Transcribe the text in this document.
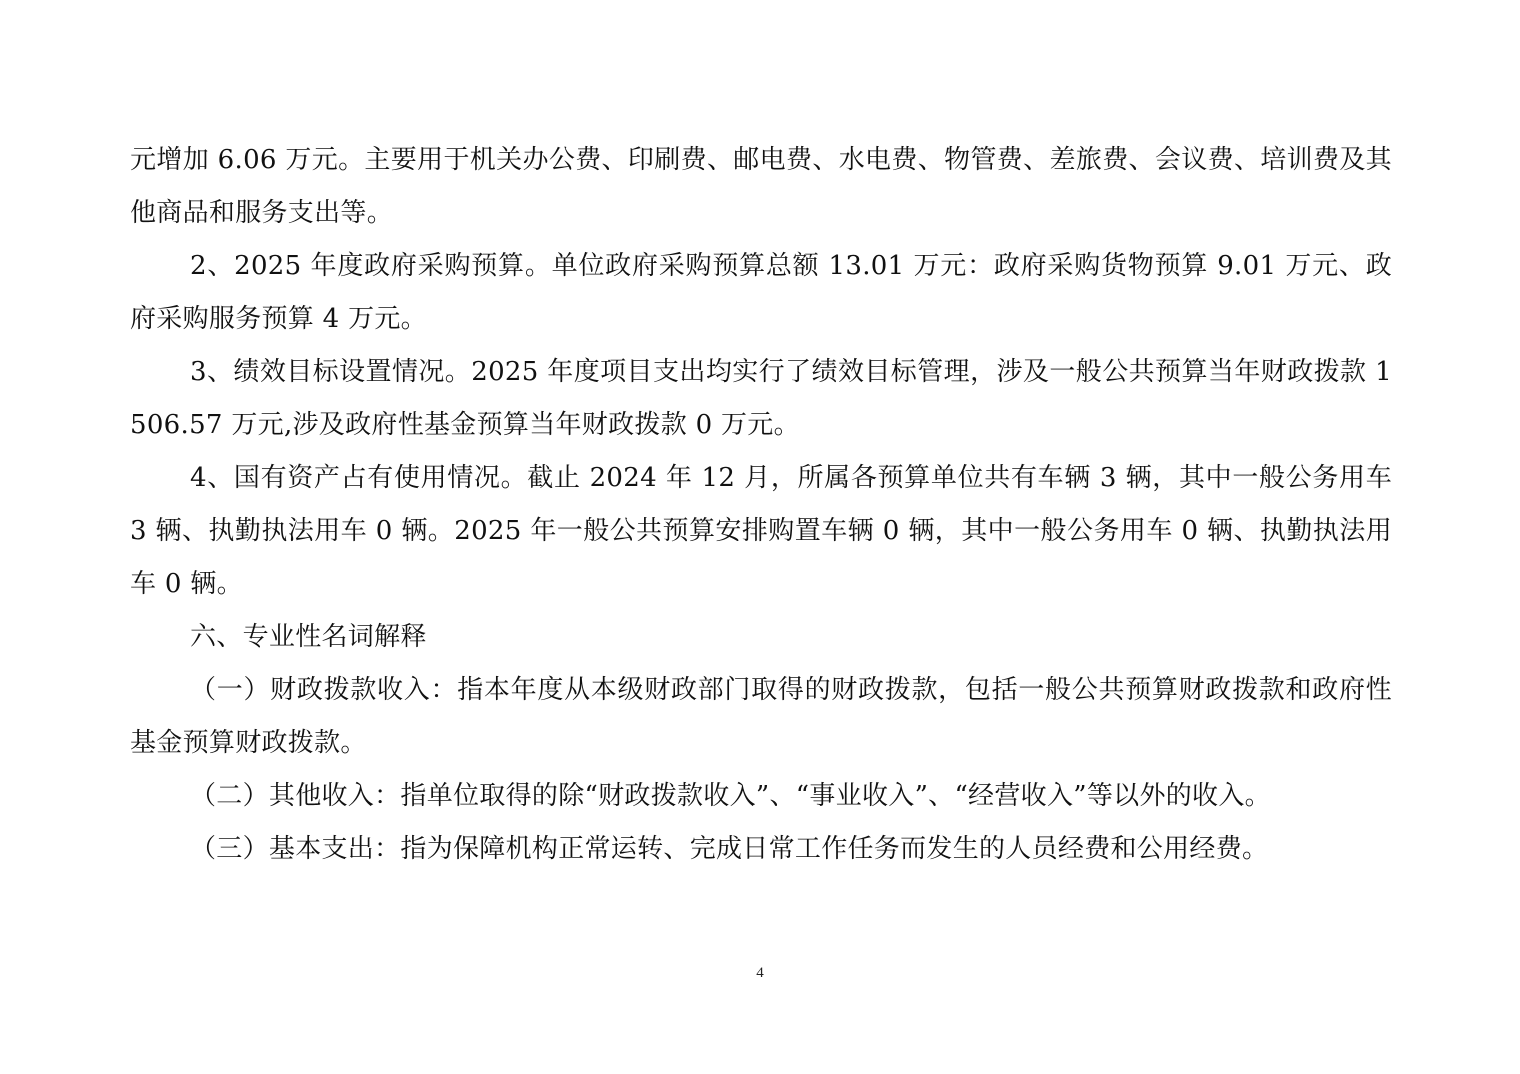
元增加 6.06 万元。主要用于机关办公费、印刷费、邮电费、水电费、物管费、差旅费、会议费、培训费及其他商品和服务支出等。

2、2025 年度政府采购预算。单位政府采购预算总额 13.01 万元：政府采购货物预算 9.01 万元、政府采购服务预算 4 万元。

3、绩效目标设置情况。2025 年度项目支出均实行了绩效目标管理，涉及一般公共预算当年财政拨款 1506.57 万元,涉及政府性基金预算当年财政拨款 0 万元。

4、国有资产占有使用情况。截止 2024 年 12 月，所属各预算单位共有车辆 3 辆，其中一般公务用车 3 辆、执勤执法用车 0 辆。2025 年一般公共预算安排购置车辆 0 辆，其中一般公务用车 0 辆、执勤执法用车 0 辆。

六、专业性名词解释

（一）财政拨款收入：指本年度从本级财政部门取得的财政拨款，包括一般公共预算财政拨款和政府性基金预算财政拨款。

（二）其他收入：指单位取得的除“财政拨款收入”、“事业收入”、“经营收入”等以外的收入。

（三）基本支出：指为保障机构正常运转、完成日常工作任务而发生的人员经费和公用经费。

4
